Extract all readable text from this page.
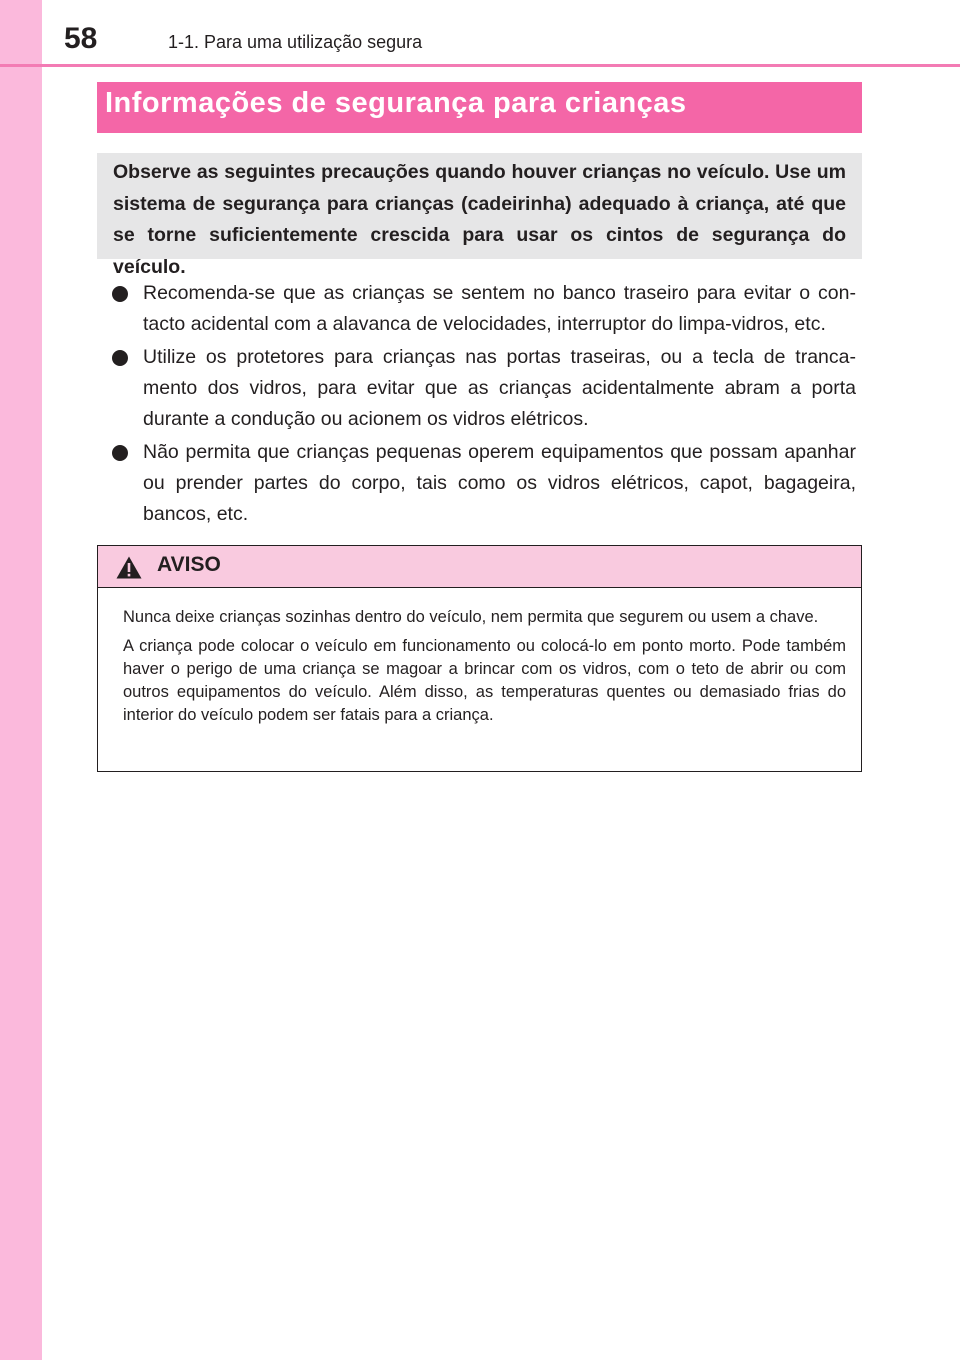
58	1-1. Para uma utilização segura
Informações de segurança para crianças
Observe as seguintes precauções quando houver crianças no veículo. Use um sistema de segurança para crianças (cadeirinha) adequado à criança, até que se torne suficientemente crescida para usar os cintos de segurança do veículo.
Recomenda-se que as crianças se sentem no banco traseiro para evitar o con-tacto acidental com a alavanca de velocidades, interruptor do limpa-vidros, etc.
Utilize os protetores para crianças nas portas traseiras, ou a tecla de tranca-mento dos vidros, para evitar que as crianças acidentalmente abram a porta durante a condução ou acionem os vidros elétricos.
Não permita que crianças pequenas operem equipamentos que possam apanhar ou prender partes do corpo, tais como os vidros elétricos, capot, bagageira, bancos, etc.
AVISO

Nunca deixe crianças sozinhas dentro do veículo, nem permita que segurem ou usem a chave.

A criança pode colocar o veículo em funcionamento ou colocá-lo em ponto morto. Pode também haver o perigo de uma criança se magoar a brincar com os vidros, com o teto de abrir ou com outros equipamentos do veículo. Além disso, as temperaturas quentes ou demasiado frias do interior do veículo podem ser fatais para a criança.
